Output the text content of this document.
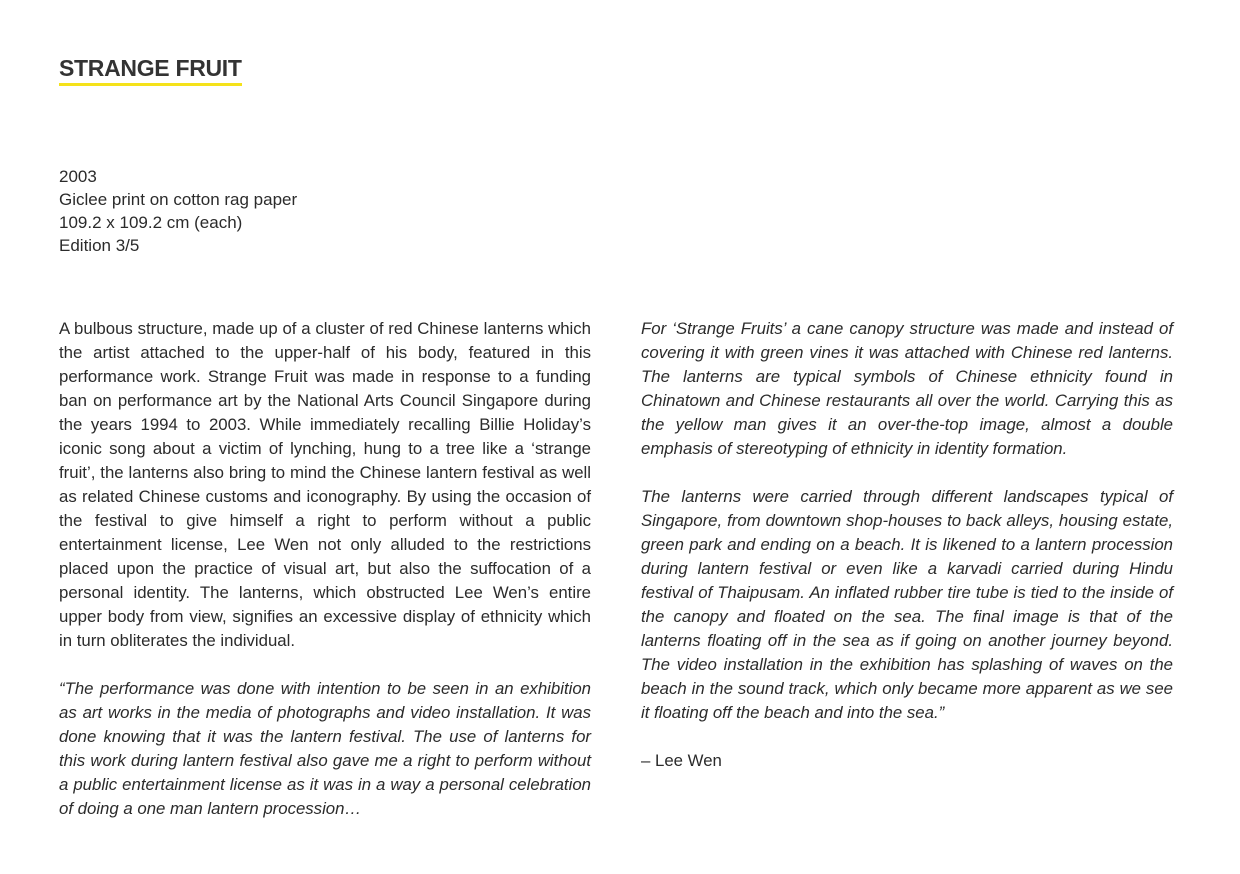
STRANGE FRUIT
2003
Giclee print on cotton rag paper
109.2 x 109.2 cm (each)
Edition 3/5

A bulbous structure, made up of a cluster of red Chinese lanterns which the artist attached to the upper-half of his body, featured in this performance work. Strange Fruit was made in response to a funding ban on performance art by the National Arts Council Singapore during the years 1994 to 2003. While immediately recalling Billie Holiday’s iconic song about a victim of lynching, hung to a tree like a ‘strange fruit’, the lanterns also bring to mind the Chinese lantern festival as well as related Chinese customs and iconography. By using the occasion of the festival to give himself a right to perform without a public entertainment license, Lee Wen not only alluded to the restrictions placed upon the practice of visual art, but also the suffocation of a personal identity. The lanterns, which obstructed Lee Wen’s entire upper body from view, signifies an excessive display of ethnicity which in turn obliterates the individual.

“The performance was done with intention to be seen in an exhibition as art works in the media of photographs and video installation. It was done knowing that it was the lantern festival. The use of lanterns for this work during lantern festival also gave me a right to perform without a public entertainment license as it was in a way a personal celebration of doing a one man lantern procession…

For ‘Strange Fruits’ a cane canopy structure was made and instead of covering it with green vines it was attached with Chinese red lanterns. The lanterns are typical symbols of Chinese ethnicity found in Chinatown and Chinese restaurants all over the world. Carrying this as the yellow man gives it an over-the-top image, almost a double emphasis of stereotyping of ethnicity in identity formation.

The lanterns were carried through different landscapes typical of Singapore, from downtown shop-houses to back alleys, housing estate, green park and ending on a beach. It is likened to a lantern procession during lantern festival or even like a karvadi carried during Hindu festival of Thaipusam. An inflated rubber tire tube is tied to the inside of the canopy and floated on the sea. The final image is that of the lanterns floating off in the sea as if going on another journey beyond. The video installation in the exhibition has splashing of waves on the beach in the sound track, which only became more apparent as we see it floating off the beach and into the sea.”

– Lee Wen
